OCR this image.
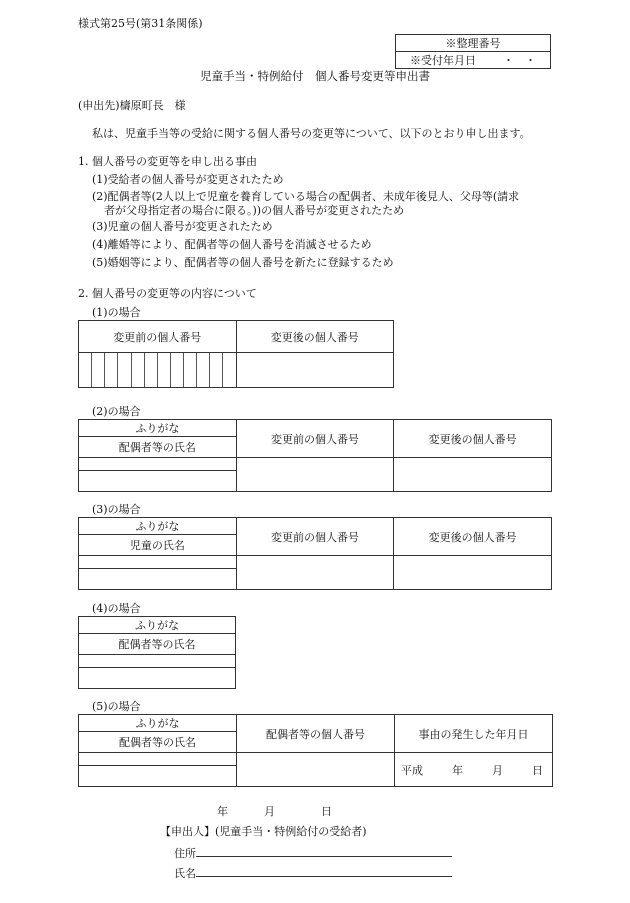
様式第25号(第31条関係)
※整理番号
※受付年月日 ・　・
児童手当・特例給付　個人番号変更等申出書
(申出先)檮原町長　様
私は、児童手当等の受給に関する個人番号の変更等について、以下のとおり申し出ます。
1. 個人番号の変更等を申し出る事由
(1)受給者の個人番号が変更されたため
(2)配偶者等(2人以上で児童を養育している場合の配偶者、未成年後見人、父母等(請求
者が父母指定者の場合に限る。))の個人番号が変更されたため
(3)児童の個人番号が変更されたため
(4)離婚等により、配偶者等の個人番号を消滅させるため
(5)婚姻等により、配偶者等の個人番号を新たに登録するため
2. 個人番号の変更等の内容について
(1)の場合
変更前の個人番号	変更後の個人番号

(2)の場合
ふりがな	変更前の個人番号	変更後の個人番号
配偶者等の氏名		

(3)の場合
ふりがな	変更前の個人番号	変更後の個人番号
児童の氏名		

(4)の場合
ふりがな
配偶者等の氏名

(5)の場合
ふりがな	配偶者等の個人番号	事由の発生した年月日
配偶者等の氏名		

	平成 年 月 日

年	月	日
【申出人】(児童手当・特例給付の受給者)
住所
氏名
